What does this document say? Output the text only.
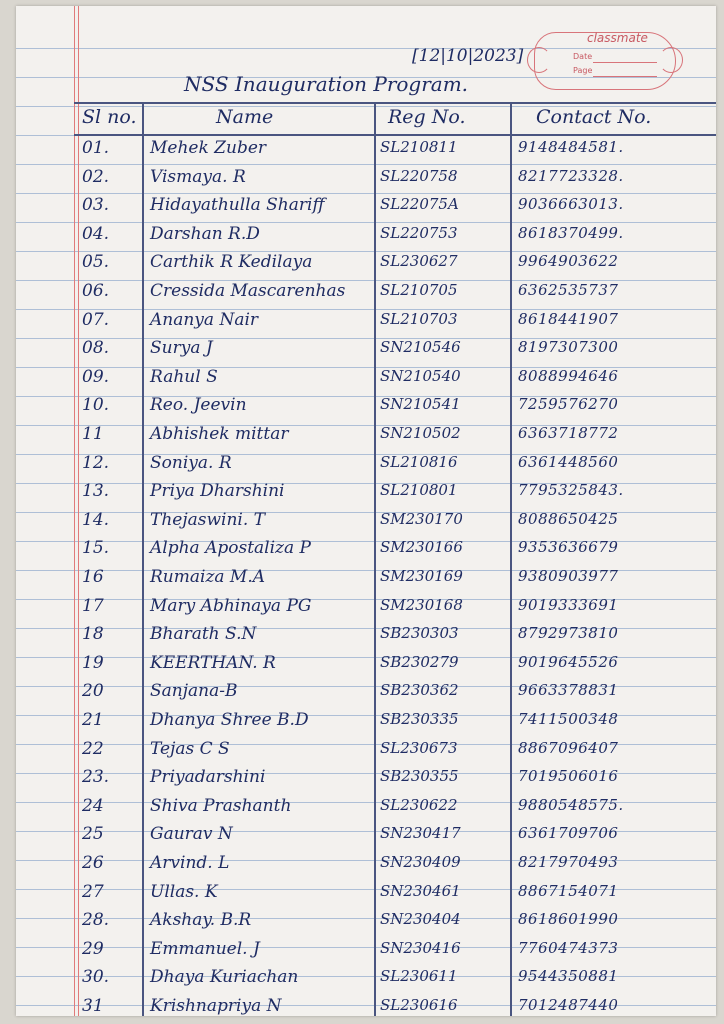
classmate
Date
Page
[12|10|2023]
NSS Inauguration Program.
Sl no.	Name	Reg No.	Contact No.
01. Mehek Zuber	SL210811	9148484581.
02. Vismaya. R	SL220758	8217723328.
03. Hidayathulla Shariff	SL22075A	9036663013.
04. Darshan R.D	SL220753	8618370499.
05. Carthik R Kedilaya	SL230627	9964903622
06. Cressida Mascarenhas SL210705	6362535737
07. Ananya Nair	SL210703	8618441907
08. Surya J	SN210546	8197307300
09. Rahul S	SN210540	8088994646
10. Reo. Jeevin	SN210541	7259576270
11	Abhishek mittar	SN210502	6363718772
12. Soniya. R	SL210816	6361448560
13. Priya Dharshini	SL210801	7795325843.
14. Thejaswini. T	SM230170	8088650425
15. Alpha Apostaliza P	SM230166	9353636679
16	Rumaiza M.A	SM230169	9380903977
17	Mary Abhinaya PG	SM230168	9019333691
18	Bharath S.N	SB230303	8792973810
19	KEERTHAN. R	SB230279	9019645526
20	Sanjana-B	SB230362	9663378831
21	Dhanya Shree B.D	SB230335	7411500348
22	Tejas C S	SL230673	8867096407
23. Priyadarshini	SB230355	7019506016
24	Shiva Prashanth	SL230622	9880548575.
25	Gaurav N	SN230417	6361709706
26	Arvind. L	SN230409	8217970493
27	Ullas. K	SN230461	8867154071
28. Akshay. B.R	SN230404	8618601990
29	Emmanuel. J	SN230416	7760474373
30. Dhaya Kuriachan	SL230611	9544350881
31	Krishnapriya N	SL230616	7012487440
